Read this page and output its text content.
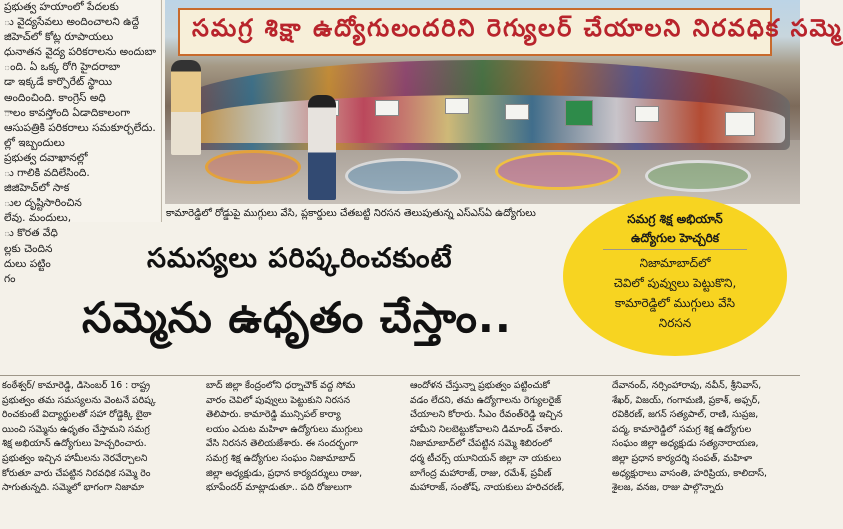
ప్రభుత్వ హయాంలో పేదలకు
ు వైద్యసేవలు అందించాలని ఉద్దే
జిహెచ్‌లో కోట్ల రూపాయలు
ధునాతన వైద్య పరికరాలను అందుబా
ంది. ఏ ఒక్క రోగి హైదరాబా
డా ఇక్కడే కార్పొరేట్ స్థాయి
అందించింది. కాంగ్రెస్ అధి
ాలం కావస్తోంది ఏడాదికాలంగా
ఆసుపత్రికి పరికరాలు సమకూర్చలేదు.
ల్లో ఇబ్బందులు
ప్రభుత్వ దవాఖానల్లో
ు గాలికి వదిలేసింది.
జిజిహెచ్‌లో సాక
ుల దృష్టిసారించిన
లేవు. మందులు,
ు కొరత వేధి
ల్లకు చెందిన
దులు పట్టిం
గం
సమగ్ర శిక్షా ఉద్యోగులందరిని రెగ్యులర్ చేయాలని నిరవధిక సమ్మె
కామారెడ్డిలో రోడ్డుపై ముగ్గులు వేసి, ప్లకార్డులు చేతబట్టి నిరసన తెలుపుతున్న ఎస్‌ఎస్‌ఏ ఉద్యోగులు	సమగ్ర శిక్ష అభియాన్
ఉద్యోగుల హెచ్చరిక
నిజామాబాద్‌లో
చెవిలో పువ్వులు పెట్టుకొని,
కామారెడ్డిలో ముగ్గులు వేసి
నిరసన
సమస్యలు పరిష్కరించకుంటే
సమ్మెను ఉధృతం చేస్తాం..
కంఠేశ్వర్/ కామారెడ్డి, డిసెంబర్ 16 : రాష్ట్ర
ప్రభుత్వం తమ సమస్యలను వెంటనే పరిష్క
రించకుంటే విద్యార్థులతో సహా రోడ్డెక్కి బైఠా
యించి సమ్మెను ఉధృతం చేస్తామని సమగ్ర
శిక్ష అభియాన్ ఉద్యోగులు హెచ్చరించారు.
ప్రభుత్వం ఇచ్చిన హామీలను నెరవేర్చాలని
కోరుతూ వారు చేపట్టిన నిరవధిక సమ్మె రెం
సాగుతున్నది. సమ్మెలో భాగంగా నిజామా
బాద్ జిల్లా కేంద్రంలోని ధర్నాచౌక్ వద్ద సోమ
వారం చెవిలో పువ్వులు పెట్టుకుని నిరసన
తెలిపారు. కామారెడ్డి మున్సిపల్ కార్యా
లయం ఎదుట మహిళా ఉద్యోగులు ముగ్గులు
వేసి నిరసన తెలియజేశారు. ఈ సందర్భంగా
సమగ్ర శిక్ష ఉద్యోగుల సంఘం నిజామాబాద్
జిల్లా అధ్యక్షుడు, ప్రధాన కార్యదర్శులు రాజు,
భూపేందర్ మాట్లాడుతూ.. పది రోజులుగా
ఆందోళన చేస్తున్నా ప్రభుత్వం పట్టించుకో
వడం లేదని, తమ ఉద్యోగాలను రెగ్యులరైజ్
చేయాలని కోరారు. సీఎం రేవంత్‌రెడ్డి ఇచ్చిన
హామీని నిలబెట్టుకోవాలని డిమాండ్ చేశారు.
నిజామాబాద్‌లో చేపట్టిన సమ్మె శిబిరంలో
ధర్మ టీచర్స్ యూనియన్ జిల్లా నా యకులు
బాగేంద్ర మహారాజ్, రాజు, రమేశ్, ప్రవీణ్
మహారాజ్, సంతోష్, నాయకులు హరిచరణ్,
దేవానంద్, నర్సింహారావు, నవీన్, శ్రీనివాస్,
శేఖర్, విజయ్, గంగామణి, ప్రకాశ్, అఫ్సర్,
రవికిరణ్, జగన్ సత్యపాల్, రాణి, సుప్రజ,
పద్మ, కామారెడ్డిలో సమగ్ర శిక్ష ఉద్యోగుల
సంఘం జిల్లా అధ్యక్షుడు సత్యనారాయణ,
జిల్లా ప్రధాన కార్యదర్శి సంపత్, మహిళా
అధ్యక్షురాలు వాసంతి, హరిప్రియ, కాలిదాస్,
శైలజ, వనజ, రాజు పాల్గొన్నారు
